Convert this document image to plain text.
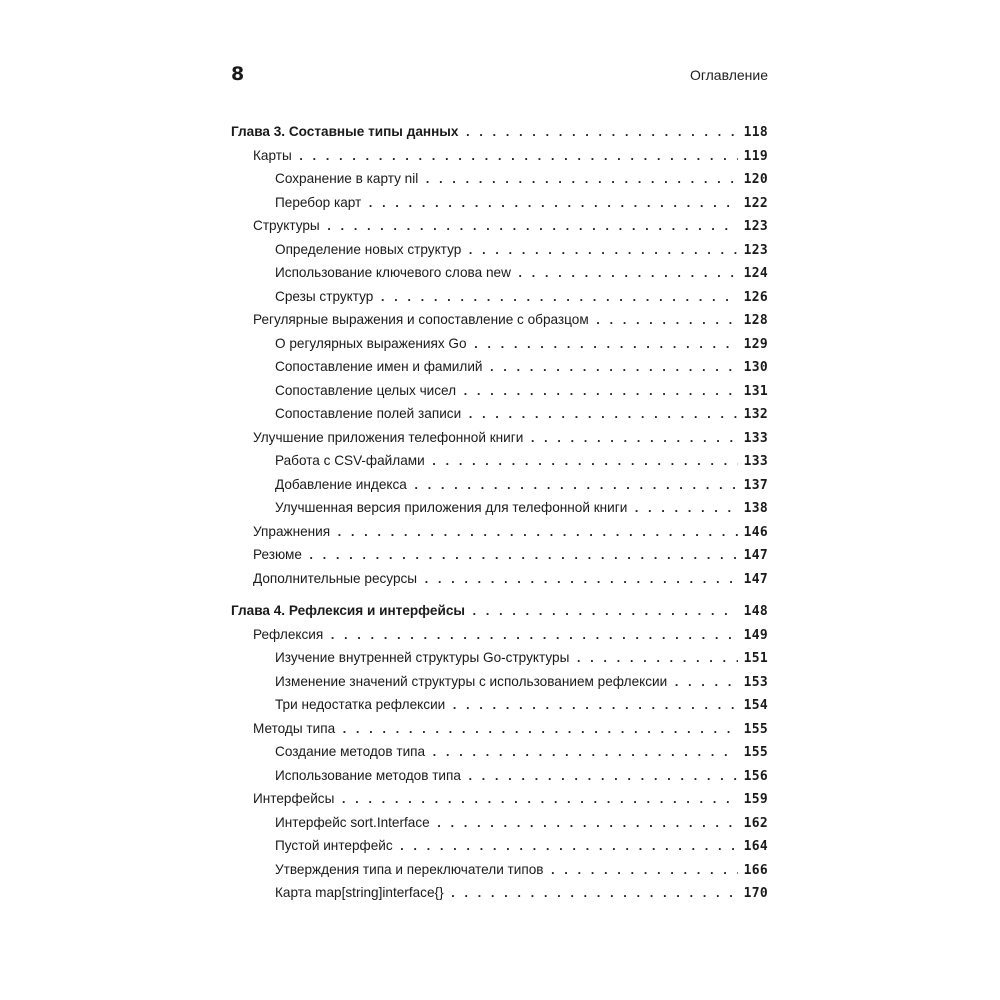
8	Оглавление
Глава 3. Составные типы данных . . .	118
Карты . . .	119
Сохранение в карту nil . . .	120
Перебор карт . . .	122
Структуры . . .	123
Определение новых структур . . .	123
Использование ключевого слова new . . .	124
Срезы структур . . .	126
Регулярные выражения и сопоставление с образцом . . .	128
О регулярных выражениях Go . . .	129
Сопоставление имен и фамилий . . .	130
Сопоставление целых чисел . . .	131
Сопоставление полей записи . . .	132
Улучшение приложения телефонной книги . . .	133
Работа с CSV-файлами . . .	133
Добавление индекса . . .	137
Улучшенная версия приложения для телефонной книги . . .	138
Упражнения . . .	146
Резюме . . .	147
Дополнительные ресурсы . . .	147
Глава 4. Рефлексия и интерфейсы . . .	148
Рефлексия . . .	149
Изучение внутренней структуры Go-структуры . . .	151
Изменение значений структуры с использованием рефлексии . . .	153
Три недостатка рефлексии . . .	154
Методы типа . . .	155
Создание методов типа . . .	155
Использование методов типа . . .	156
Интерфейсы . . .	159
Интерфейс sort.Interface . . .	162
Пустой интерфейс . . .	164
Утверждения типа и переключатели типов . . .	166
Карта map[string]interface{} . . .	170
